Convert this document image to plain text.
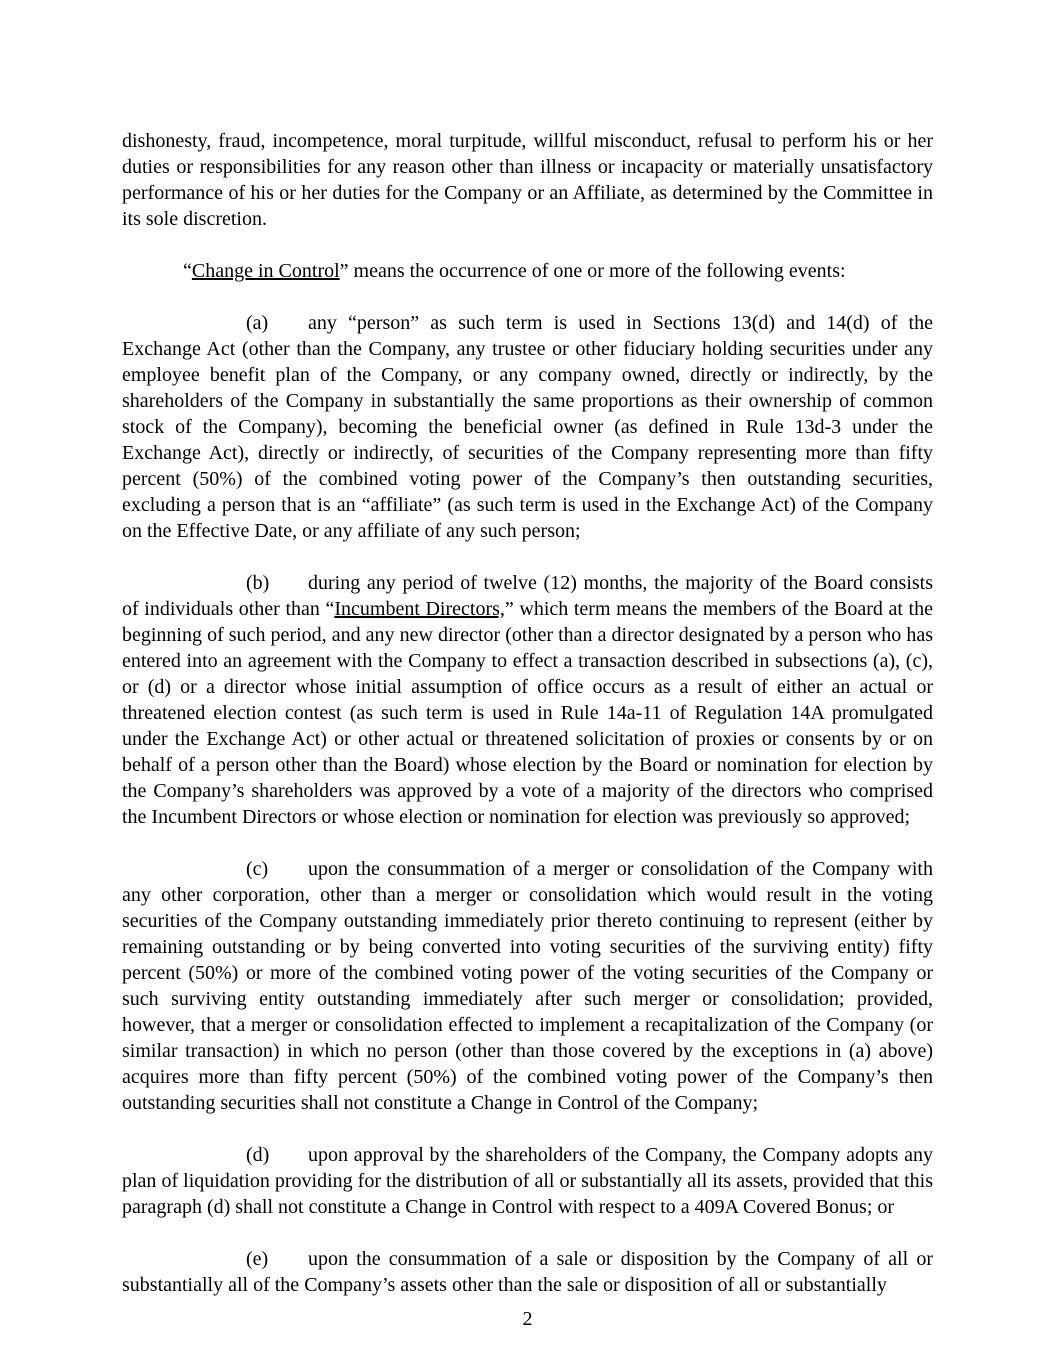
dishonesty, fraud, incompetence, moral turpitude, willful misconduct, refusal to perform his or her duties or responsibilities for any reason other than illness or incapacity or materially unsatisfactory performance of his or her duties for the Company or an Affiliate, as determined by the Committee in its sole discretion.

“Change in Control” means the occurrence of one or more of the following events:

(a) any “person” as such term is used in Sections 13(d) and 14(d) of the Exchange Act (other than the Company, any trustee or other fiduciary holding securities under any employee benefit plan of the Company, or any company owned, directly or indirectly, by the shareholders of the Company in substantially the same proportions as their ownership of common stock of the Company), becoming the beneficial owner (as defined in Rule 13d-3 under the Exchange Act), directly or indirectly, of securities of the Company representing more than fifty percent (50%) of the combined voting power of the Company’s then outstanding securities, excluding a person that is an “affiliate” (as such term is used in the Exchange Act) of the Company on the Effective Date, or any affiliate of any such person;

(b) during any period of twelve (12) months, the majority of the Board consists of individuals other than “Incumbent Directors,” which term means the members of the Board at the beginning of such period, and any new director (other than a director designated by a person who has entered into an agreement with the Company to effect a transaction described in subsections (a), (c), or (d) or a director whose initial assumption of office occurs as a result of either an actual or threatened election contest (as such term is used in Rule 14a-11 of Regulation 14A promulgated under the Exchange Act) or other actual or threatened solicitation of proxies or consents by or on behalf of a person other than the Board) whose election by the Board or nomination for election by the Company’s shareholders was approved by a vote of a majority of the directors who comprised the Incumbent Directors or whose election or nomination for election was previously so approved;

(c) upon the consummation of a merger or consolidation of the Company with any other corporation, other than a merger or consolidation which would result in the voting securities of the Company outstanding immediately prior thereto continuing to represent (either by remaining outstanding or by being converted into voting securities of the surviving entity) fifty percent (50%) or more of the combined voting power of the voting securities of the Company or such surviving entity outstanding immediately after such merger or consolidation; provided, however, that a merger or consolidation effected to implement a recapitalization of the Company (or similar transaction) in which no person (other than those covered by the exceptions in (a) above) acquires more than fifty percent (50%) of the combined voting power of the Company’s then outstanding securities shall not constitute a Change in Control of the Company;

(d) upon approval by the shareholders of the Company, the Company adopts any plan of liquidation providing for the distribution of all or substantially all its assets, provided that this paragraph (d) shall not constitute a Change in Control with respect to a 409A Covered Bonus; or

(e) upon the consummation of a sale or disposition by the Company of all or substantially all of the Company’s assets other than the sale or disposition of all or substantially

2
